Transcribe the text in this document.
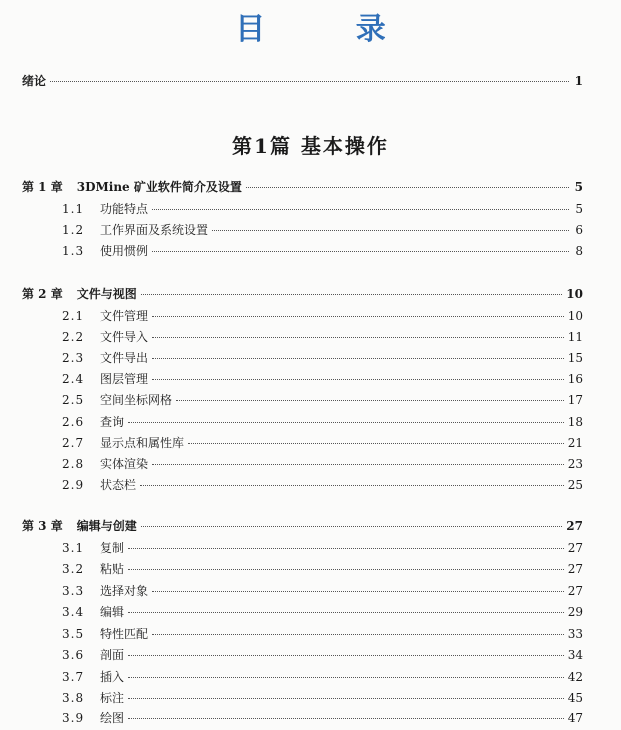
目 录
绪论	1
第1篇 基本操作
第 1 章 3DMine 矿业软件简介及设置	5
1.1	功能特点	5
1.2	工作界面及系统设置	6
1.3	使用惯例	8
第 2 章 文件与视图	10
2.1	文件管理	10
2.2	文件导入	11
2.3	文件导出	15
2.4	图层管理	16
2.5	空间坐标网格	17
2.6	查询	18
2.7	显示点和属性库	21
2.8	实体渲染	23
2.9	状态栏	25
第 3 章 编辑与创建	27
3.1	复制	27
3.2	粘贴	27
3.3	选择对象	27
3.4	编辑	29
3.5	特性匹配	33
3.6	剖面	34
3.7	插入	42
3.8	标注	45
3.9	绘图	47
